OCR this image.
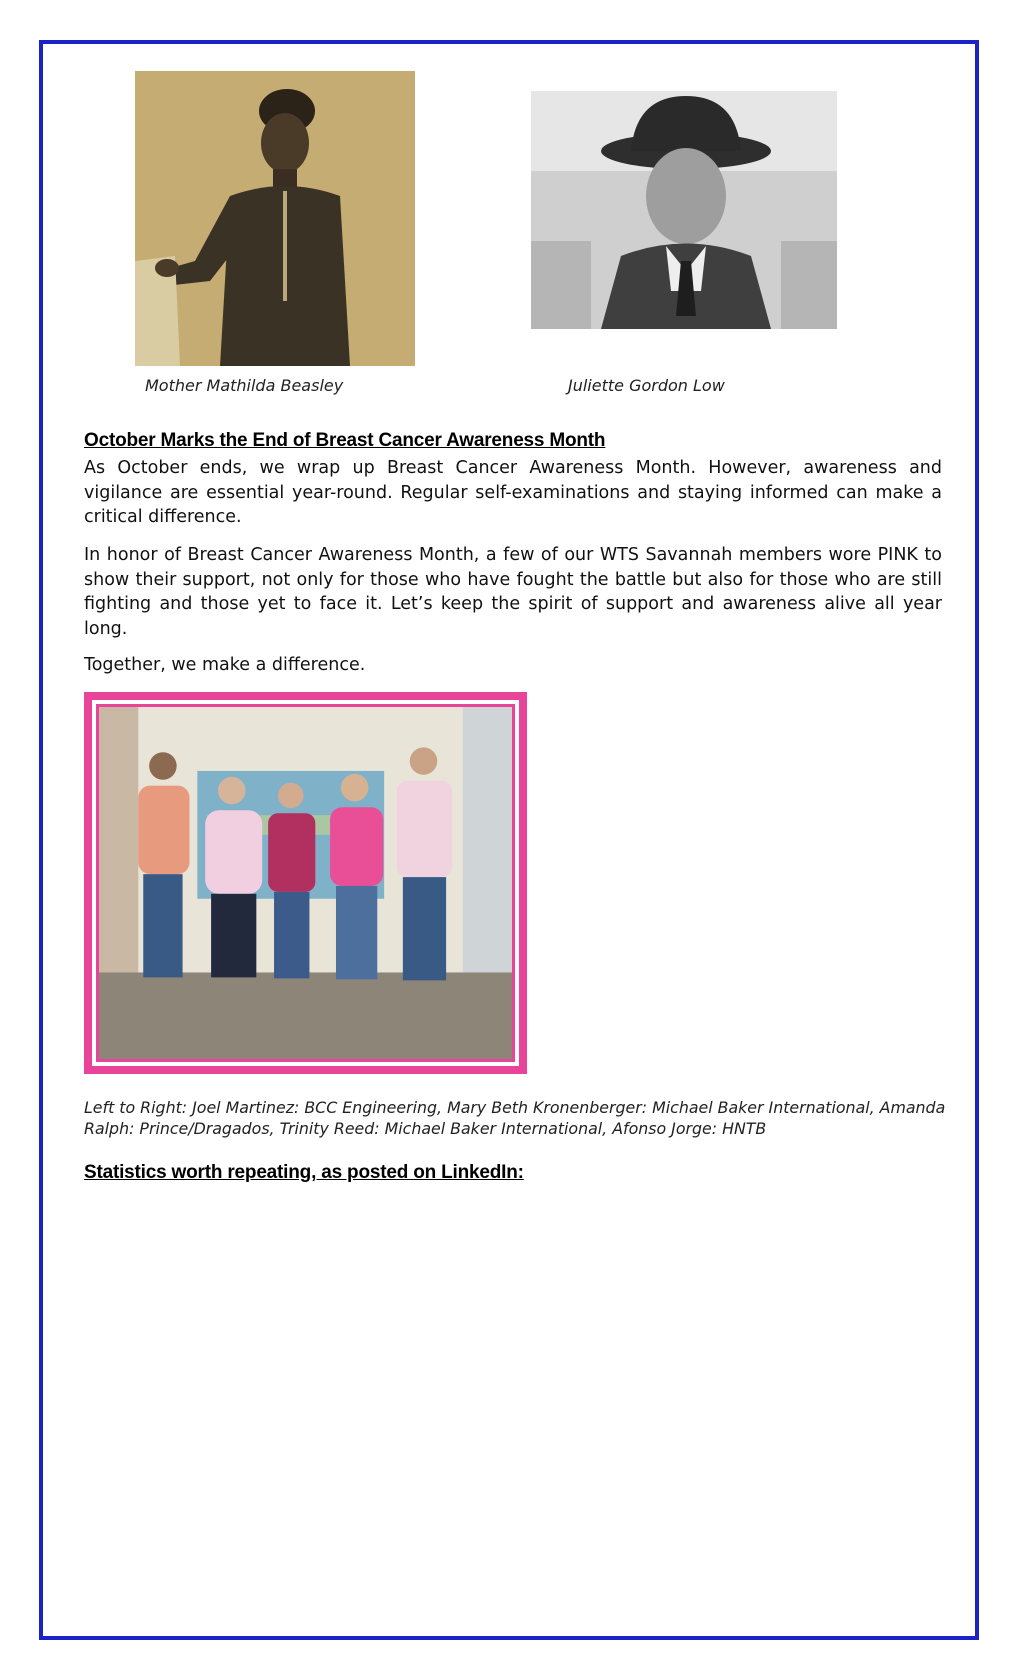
Mother Mathilda Beasley	Juliette Gordon Low
October Marks the End of Breast Cancer Awareness Month
As October ends, we wrap up Breast Cancer Awareness Month. However, awareness and vigilance are essential year-round. Regular self-examinations and staying informed can make a critical difference.
In honor of Breast Cancer Awareness Month, a few of our WTS Savannah members wore PINK to show their support, not only for those who have fought the battle but also for those who are still fighting and those yet to face it. Let’s keep the spirit of support and awareness alive all year long.
Together, we make a difference.
Left to Right: Joel Martinez: BCC Engineering, Mary Beth Kronenberger: Michael Baker International, Amanda Ralph: Prince/Dragados, Trinity Reed: Michael Baker International, Afonso Jorge: HNTB
Statistics worth repeating, as posted on LinkedIn:
